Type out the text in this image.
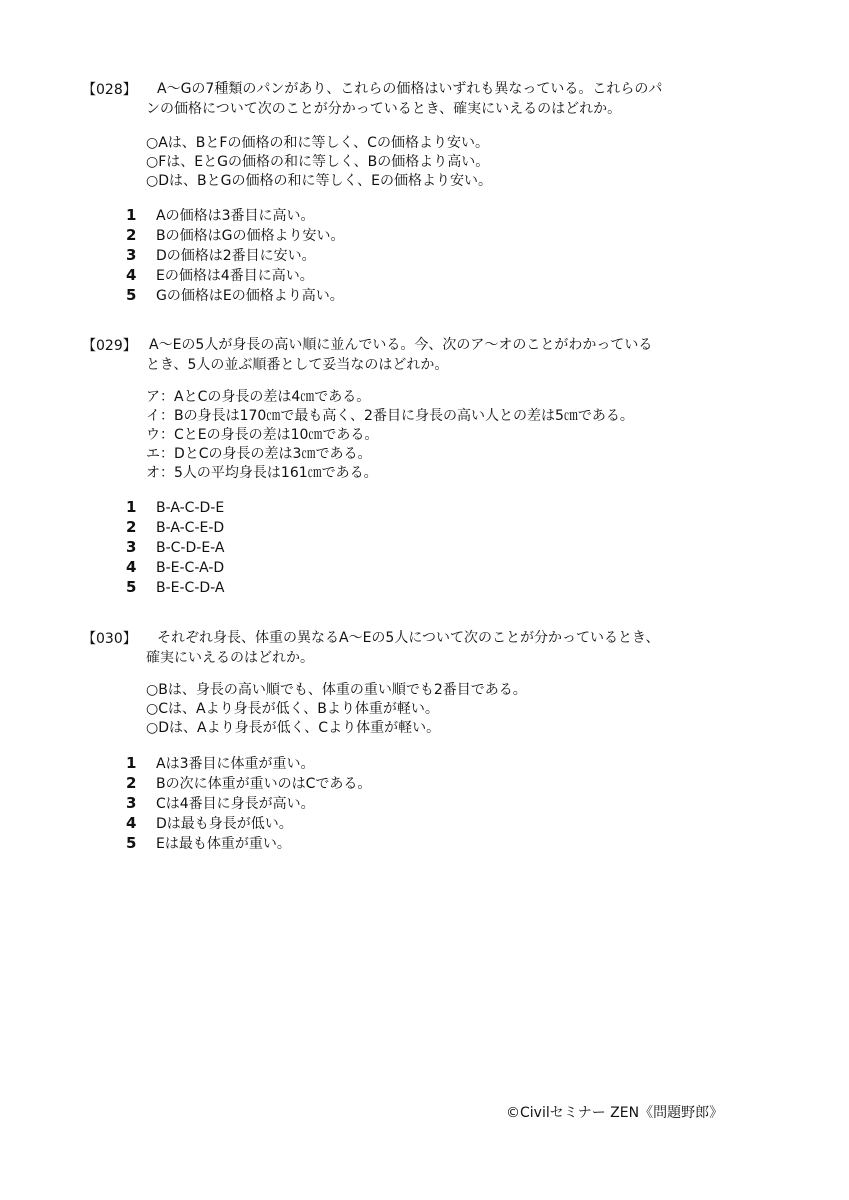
【028】	A～Gの7種類のパンがあり、これらの価格はいずれも異なっている。これらのパ
ンの価格について次のことが分かっているとき、確実にいえるのはどれか。
○Aは、BとFの価格の和に等しく、Cの価格より安い。
○Fは、EとGの価格の和に等しく、Bの価格より高い。
○Dは、BとGの価格の和に等しく、Eの価格より安い。
1	Aの価格は3番目に高い。
2	Bの価格はGの価格より安い。
3	Dの価格は2番目に安い。
4	Eの価格は4番目に高い。
5	Gの価格はEの価格より高い。
【029】 A～Eの5人が身長の高い順に並んでいる。今、次のア～オのことがわかっている
とき、5人の並ぶ順番として妥当なのはどれか。
ア：AとCの身長の差は4㎝である。
イ：Bの身長は170㎝で最も高く、2番目に身長の高い人との差は5㎝である。
ウ：CとEの身長の差は10㎝である。
エ：DとCの身長の差は3㎝である。
オ：5人の平均身長は161㎝である。
1	B-A-C-D-E
2	B-A-C-E-D
3	B-C-D-E-A
4	B-E-C-A-D
5	B-E-C-D-A
【030】	それぞれ身長、体重の異なるA～Eの5人について次のことが分かっているとき、
確実にいえるのはどれか。
○Bは、身長の高い順でも、体重の重い順でも2番目である。
○Cは、Aより身長が低く、Bより体重が軽い。
○Dは、Aより身長が低く、Cより体重が軽い。
1	Aは3番目に体重が重い。
2	Bの次に体重が重いのはCである。
3	Cは4番目に身長が高い。
4	Dは最も身長が低い。
5	Eは最も体重が重い。
©Civilセミナー ZEN《問題野郎》
